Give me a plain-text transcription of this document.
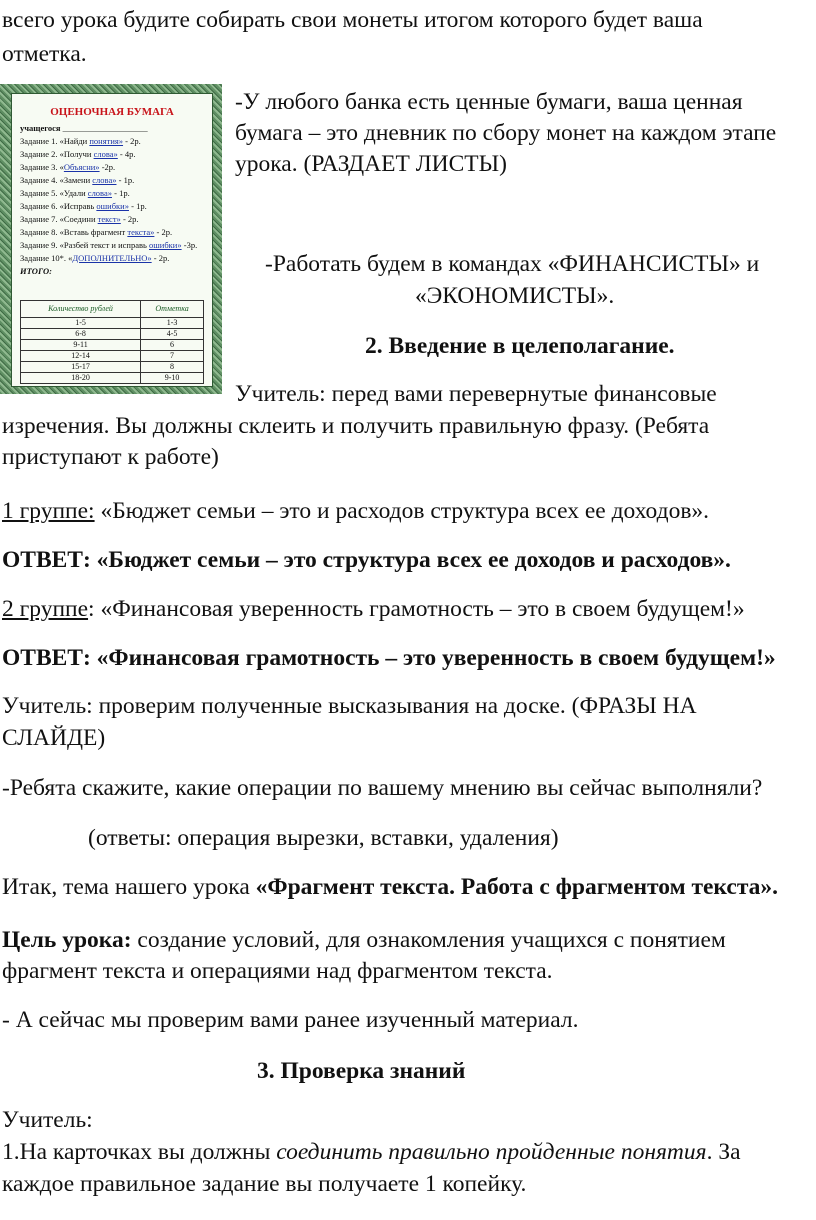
всего урока будите собирать свои монеты итогом которого будет ваша

отметка.

ОЦЕНОЧНАЯ БУМАГА
учащегося ____________________
Задание 1. «Найди понятия» - 2р.
Задание 2. «Получи слова» - 4р.
Задание 3. «Объясни» -2р.
Задание 4. «Замени слова» - 1р.
Задание 5. «Удали слова» - 1р.
Задание 6. «Исправь ошибки» - 1р.
Задание 7. «Соедини текст» - 2р.
Задание 8. «Вставь фрагмент текста» - 2р.
Задание 9. «Разбей текст и исправь ошибки» -3р.
Задание 10*. «ДОПОЛНИТЕЛЬНО» - 2р.
ИТОГО:
Количество рублей	Отметка
1-5	1-3
6-8	4-5
9-11	6
12-14	7
15-17	8
18-20	9-10

-У любого банка есть ценные бумаги, ваша ценная

бумага – это дневник по сбору монет на каждом этапе

урока. (РАЗДАЕТ ЛИСТЫ)

-Работать будем в командах «ФИНАНСИСТЫ» и

«ЭКОНОМИСТЫ».

2. Введение в целеполагание.

Учитель: перед вами перевернутые финансовые

изречения. Вы должны склеить и получить правильную фразу. (Ребята

приступают к работе)

1 группе: «Бюджет семьи – это и расходов структура всех ее доходов».

ОТВЕТ: «Бюджет семьи – это структура всех ее доходов и расходов».

2 группе: «Финансовая уверенность грамотность – это в своем будущем!»

ОТВЕТ: «Финансовая грамотность – это уверенность в своем будущем!»

Учитель: проверим полученные высказывания на доске. (ФРАЗЫ НА

СЛАЙДЕ)

-Ребята скажите, какие операции по вашему мнению вы сейчас выполняли?

(ответы: операция вырезки, вставки, удаления)

Итак, тема нашего урока «Фрагмент текста. Работа с фрагментом текста».

Цель урока: создание условий, для ознакомления учащихся с понятием

фрагмент текста и операциями над фрагментом текста.

- А сейчас мы проверим вами ранее изученный материал.

3. Проверка знаний

Учитель:

1.На карточках вы должны соединить правильно пройденные понятия. За

каждое правильное задание вы получаете 1 копейку.
